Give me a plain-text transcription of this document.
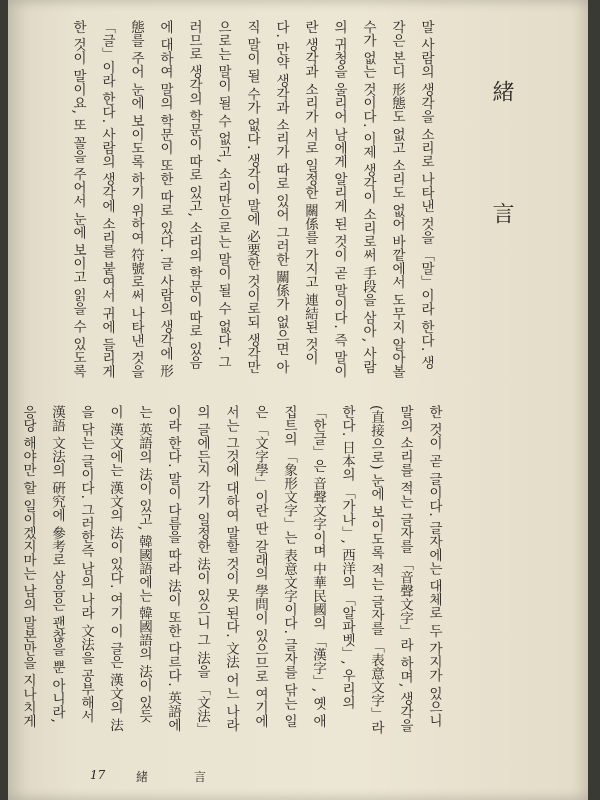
緒言
말 사람의 생각을 소리로 나타낸 것을 「말」이라 한다. 생각은 본디 形態도 없고 소리도 없어 바깥에서 도무지 알아볼 수가 없는 것이다. 이제 생각이 소리로써 手段을 삼아, 사람의 귀청을 울리어 남에게 알리게 된 것이 곧 말이다. 즉 말이란 생각과 소리가 서로 일정한 關係를 가지고 連結된 것이다. 만약 생각과 소리가 따로 있어 그러한 關係가 없으면 아직 말이 될 수가 없다. 생각이 말에 必要한 것이로되 생각만으로는 말이 될 수 없고, 소리만으로는 말이 될 수 없다. 그러므로 생각의 학문이 따로 있고, 소리의 학문이 따로 있음에 대하여 말의 학문이 또한 따로 있다. 글 사람의 생각에 形態를 주어 눈에 보이도록 하기 위하여 符號로써 나타낸 것을 「글」이라 한다. 사람의 생각에 소리를 붙여서 귀에 들리게 한 것이 말이요, 또 꼴을 주어서 눈에 보이고 읽을 수 있도록
한 것이 곧 글이다. 글자에는 대체로 두 가지가 있으니 말의 소리를 적는 글자를 「音聲文字」라 하며, 생각을 (直接으로) 눈에 보이도록 적는 글자를 「表意文字」라 한다. 日本의 「가나」, 西洋의 「알파벳」, 우리의 「한글」은 音聲文字이며 中華民國의 「漢字」, 옛 애집트의 「象形文字」는 表意文字이다. 글자를 닦는 일은 「文字學」이란 딴 갈래의 學問이 있으므로 여기에서는 그것에 대하여 말할 것이 못 된다. 文法 어느 나라의 글에든지 각기 일정한 法이 있으니 그 法을 「文法」이라 한다. 말이 다름을 따라 法이 또한 다르다. 英語에는 英語의 法이 있고, 韓國語에는 韓國語의 法이 있듯이 漢文에는 漢文의 法이 있다. 여기 이 글은 漢文의 法을 닦는 글이다. 그러한즉 남의 나라 文法을 공부해서 漢語 文法의 硏究에 參考로 삼음은 괜찮을 뿐 아니라, 응당 해야만 할 일이겠지마는 남의 말본만을 지나치게
17	緒言
